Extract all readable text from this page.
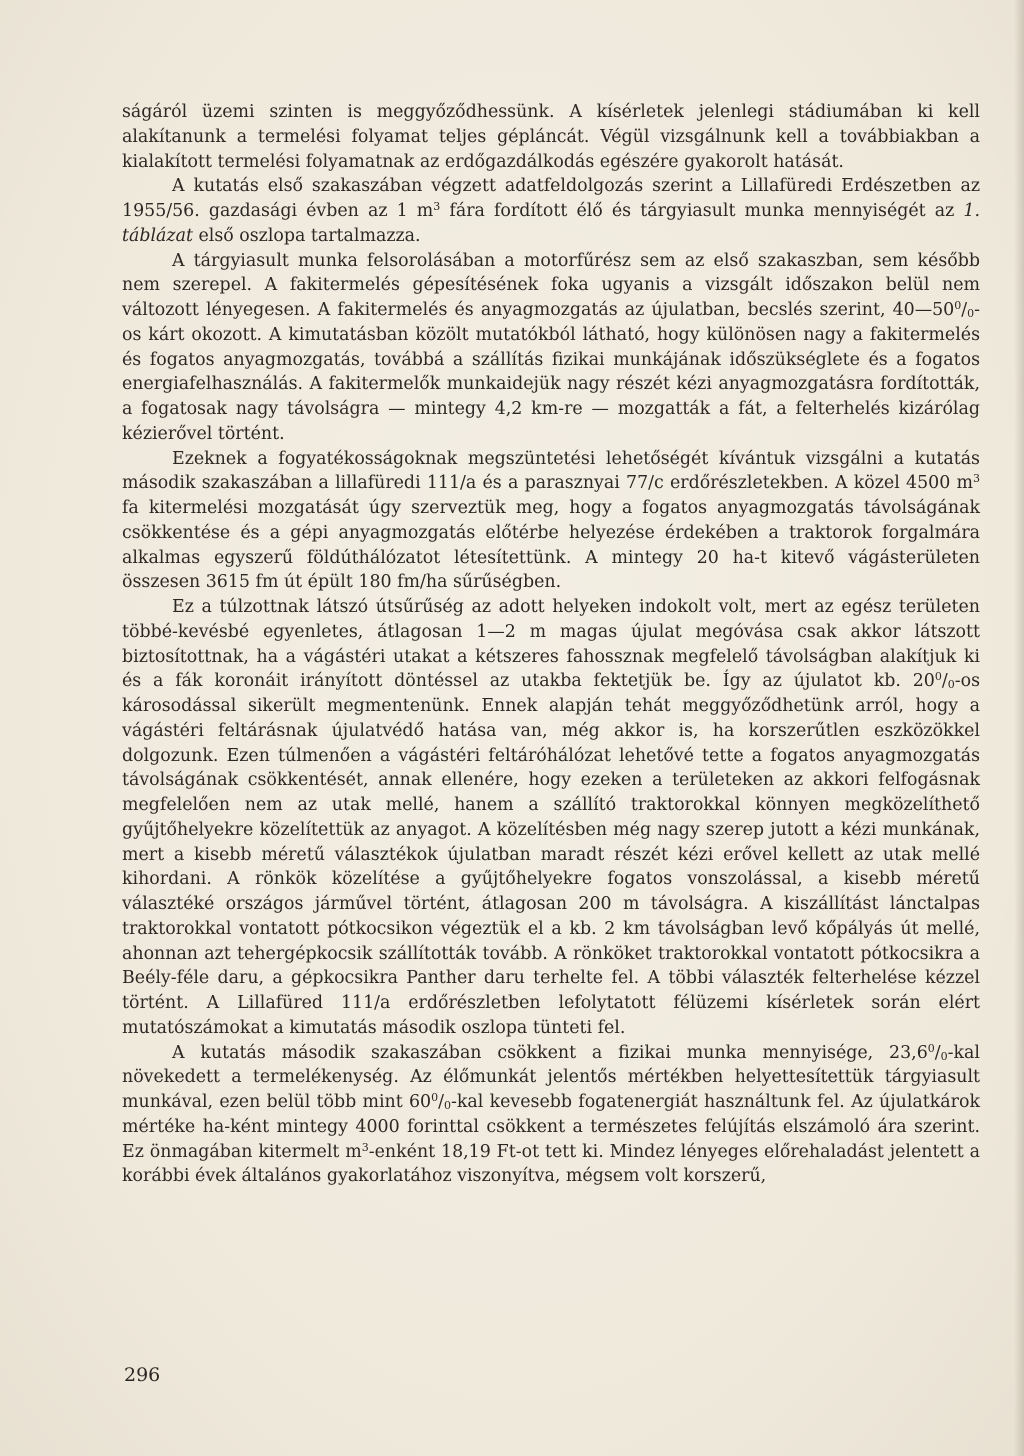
ságáról üzemi szinten is meggyőződhessünk. A kísérletek jelenlegi stádiumában ki kell alakítanunk a termelési folyamat teljes gépláncát. Végül vizsgálnunk kell a továbbiakban a kialakított termelési folyamatnak az erdőgazdálkodás egészére gyakorolt hatását.

A kutatás első szakaszában végzett adatfeldolgozás szerint a Lillafüredi Erdészetben az 1955/56. gazdasági évben az 1 $m^3$ fára fordított élő és tárgyiasult munka mennyiségét az 1. táblázat első oszlopa tartalmazza.

A tárgyiasult munka felsorolásában a motorfűrész sem az első szakaszban, sem később nem szerepel. A fakitermelés gépesítésének foka ugyanis a vizsgált időszakon belül nem változott lényegesen. A fakitermelés és anyagmozgatás az újulatban, becslés szerint, $40—50^0/_0-os$ kárt okozott. A kimutatásban közölt mutatókból látható, hogy különösen nagy a fakitermelés és fogatos anyagmozgatás, továbbá a szállítás fizikai munkájának időszükséglete és a fogatos energiafelhasználás. A fakitermelők munkaidejük nagy részét kézi anyagmozgatásra fordították, a fogatosak nagy távolságra — mintegy 4,2 km-re — mozgatták a fát, a felterhelés kizárólag kézierővel történt.

Ezeknek a fogyatékosságoknak megszüntetési lehetőségét kívántuk vizsgálni a kutatás második szakaszában a lillafüredi 111/a és a parasznyai 77/c erdőrészletekben. A közel 4500 $m^3$ fa kitermelési mozgatását úgy szerveztük meg, hogy a fogatos anyagmozgatás távolságának csökkentése és a gépi anyagmozgatás előtérbe helyezése érdekében a traktorok forgalmára alkalmas egyszerű földúthálózatot létesítettünk. A mintegy 20 ha-t kitevő vágásterületen összesen 3615 fm út épült 180 fm/ha sűrűségben.

Ez a túlzottnak látszó útsűrűség az adott helyeken indokolt volt, mert az egész területen többé-kevésbé egyenletes, átlagosan 1—2 m magas újulat megóvása csak akkor látszott biztosítottnak, ha a vágástéri utakat a kétszeres fahossznak megfelelő távolságban alakítjuk ki és a fák koronáit irányított döntéssel az utakba fektetjük be. Így az újulatot kb. $20^0/_0-os$ károsodással sikerült megmentenünk. Ennek alapján tehát meggyőződhetünk arról, hogy a vágástéri feltárásnak újulatvédő hatása van, még akkor is, ha korszerűtlen eszközökkel dolgozunk. Ezen túlmenően a vágástéri feltáróhálózat lehetővé tette a fogatos anyagmozgatás távolságának csökkentését, annak ellenére, hogy ezeken a területeken az akkori felfogásnak megfelelően nem az utak mellé, hanem a szállító traktorokkal könnyen megközelíthető gyűjtőhelyekre közelítettük az anyagot. A közelítésben még nagy szerep jutott a kézi munkának, mert a kisebb méretű választékok újulatban maradt részét kézi erővel kellett az utak mellé kihordani. A rönkök közelítése a gyűjtőhelyekre fogatos vonszolással, a kisebb méretű választéké országos járművel történt, átlagosan 200 m távolságra. A kiszállítást lánctalpas traktorokkal vontatott pótkocsikon végeztük el a kb. 2 km távolságban levő kőpályás út mellé, ahonnan azt tehergépkocsik szállították tovább. A rönköket traktorokkal vontatott pótkocsikra a Beély-féle daru, a gépkocsikra Panther daru terhelte fel. A többi választék felterhelése kézzel történt. A Lillafüred 111/a erdőrészletben lefolytatott félüzemi kísérletek során elért mutatószámokat a kimutatás második oszlopa tünteti fel.

A kutatás második szakaszában csökkent a fizikai munka mennyisége, $23,6^0/_0$-kal növekedett a termelékenység. Az élőmunkát jelentős mértékben helyettesítettük tárgyiasult munkával, ezen belül több mint $60^0/_0$-kal kevesebb fogatenergiát használtunk fel. Az újulatkárok mértéke ha-ként mintegy 4000 forinttal csökkent a természetes felújítás elszámoló ára szerint. Ez önmagában kitermelt $m^3$-enként 18,19 Ft-ot tett ki. Mindez lényeges előrehaladást jelentett a korábbi évek általános gyakorlatához viszonyítva, mégsem volt korszerű,

296
